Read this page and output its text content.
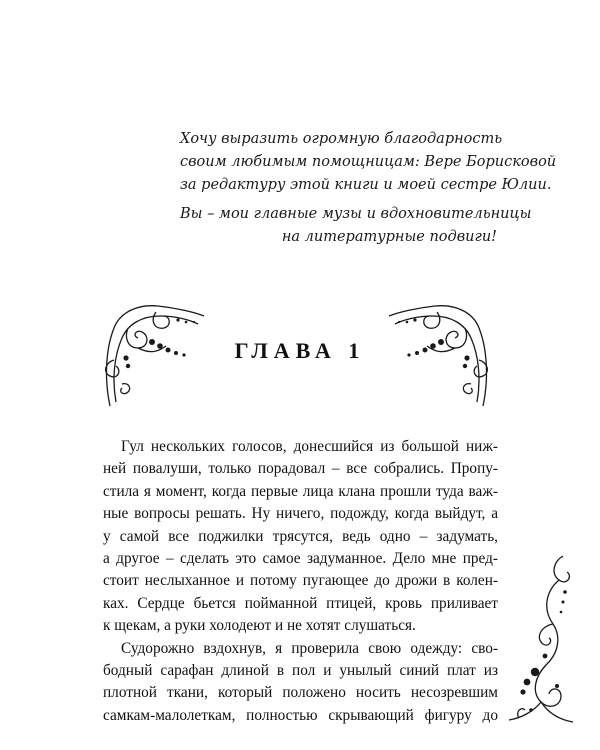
Хочу выразить огромную благодарность
своим любимым помощницам: Вере Борисковой
за редактуру этой книги и моей сестре Юлии.

Вы – мои главные музы и вдохновительницы
на литературные подвиги!

ГЛАВА 1
Гул нескольких голосов, донесшийся из большой ниж-
ней повалуши, только порадовал – все собрались. Пропу-
стила я момент, когда первые лица клана прошли туда важ-
ные вопросы решать. Ну ничего, подожду, когда выйдут, а
у самой все поджилки трясутся, ведь одно – задумать,
а другое – сделать это самое задуманное. Дело мне пред-
стоит неслыханное и потому пугающее до дрожи в колен-
ках. Сердце бьется пойманной птицей, кровь приливает
к щекам, а руки холодеют и не хотят слушаться.
Судорожно вздохнув, я проверила свою одежду: сво-
бодный сарафан длиной в пол и унылый синий плат из
плотной ткани, который положено носить несозревшим
самкам-малолеткам, полностью скрывающий фигуру до
